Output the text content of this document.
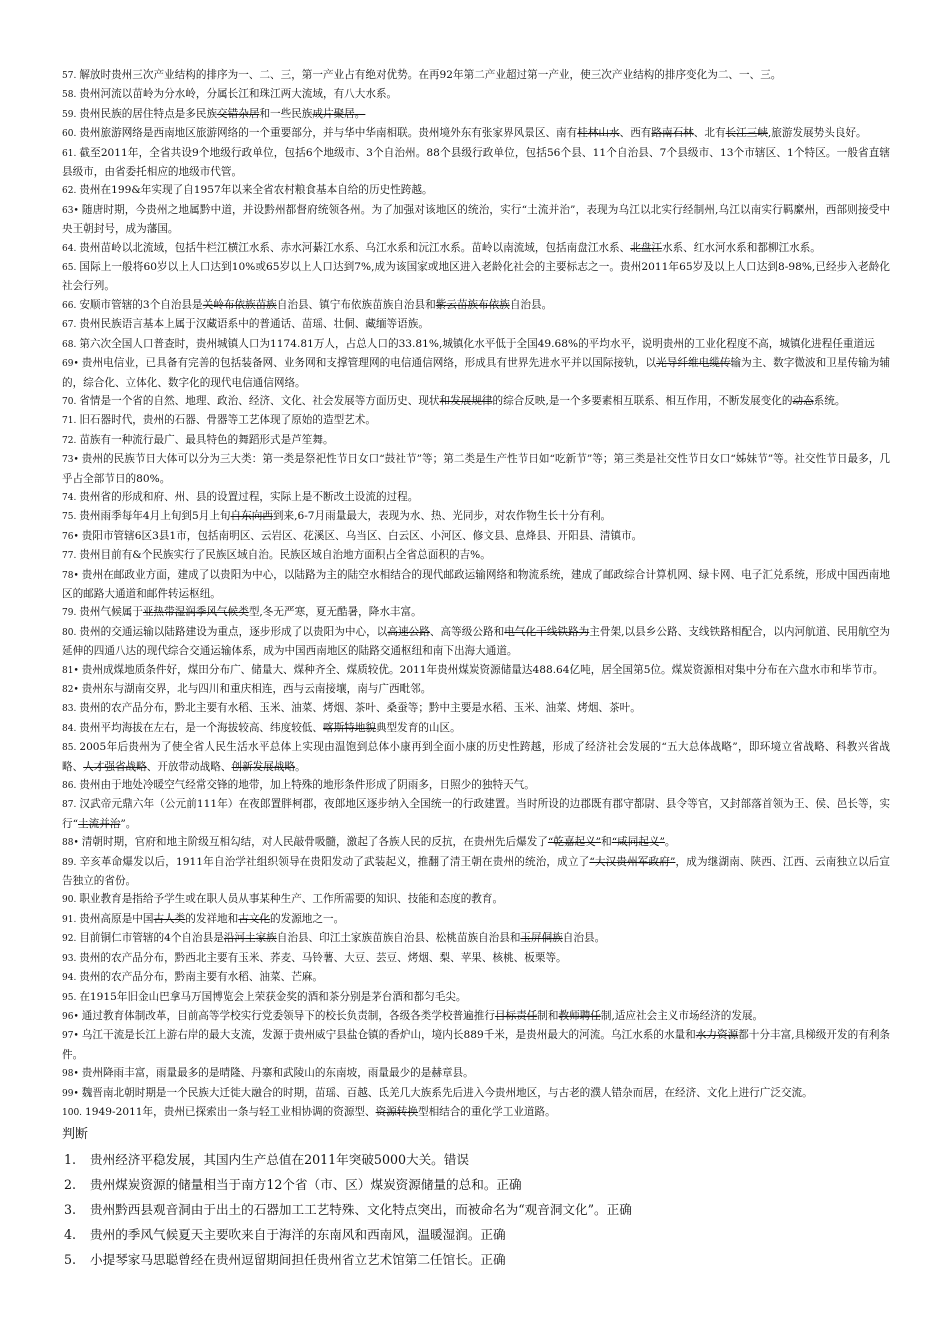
57. 解放时贵州三次产业结构的排序为一、二、三，第一产业占有绝对优势。在再92年第二产业超过第一产业，使三次产业结构的排序变化为二、一、三。

58. 贵州河流以苗岭为分水岭，分属长江和珠江两大流域，有八大水系。

59. 贵州民族的居住特点是多民族交错杂居和一些民族成片聚居。

60. 贵州旅游网络是西南地区旅游网络的一个重要部分，并与华中华南相联。贵州境外东有张家界风景区、南有桂林山水、西有路南石林、北有长江三峡,旅游发展势头良好。

61. 截至2011年，全省共设9个地级行政单位，包括6个地级市、3个自治州。88个县级行政单位，包括56个县、11个自治县、7个县级市、13个市辖区、1个特区。一般省直辖县级市，由省委托相应的地级市代管。

62. 贵州在199&年实现了自1957年以来全省农村粮食基本自给的历史性跨越。

63• 随唐时期，今贵州之地属黔中道，并设黔州都督府统领各州。为了加强对该地区的统治，实行“土流并治”，表现为乌江以北实行经制州,乌江以南实行羁縻州，西部则接受中央王朝封号，成为藩国。

64. 贵州苗岭以北流域，包括牛栏江横江水系、赤水河綦江水系、乌江水系和沅江水系。苗岭以南流域，包括南盘江水系、北盘江水系、红水河水系和都柳江水系。

65. 国际上一般将60岁以上人口达到10%或65岁以上人口达到7%,成为该国家或地区进入老龄化社会的主要标志之一。贵州2011年65岁及以上人口达到8-98%,已经步入老龄化社会行列。

66. 安顺市管辖的3个自治县是关岭布依族苗族自治县、镇宁布依族苗族自治县和紫云苗族布依族自治县。

67. 贵州民族语言基本上属于汉藏语系中的普通话、苗瑶、壮侗、藏缅等语族。

68. 第六次全国人口普查时，贵州城镇人口为1174.81万人，占总人口的33.81%,城镇化水平低于全国49.68%的平均水平，说明贵州的工业化程度不高，城镇化进程任重道远

69• 贵州电信业，已具备有完善的包括装备网、业务网和支撑管理网的电信通信网络，形成具有世界先进水平并以国际接轨，以光导纤维电缆传输为主、数字微波和卫星传输为辅的，综合化、立体化、数字化的现代电信通信网络。

70. 省情是一个省的自然、地理、政治、经济、文化、社会发展等方面历史、现状和发展规律的综合反映,是一个多要素相互联系、相互作用，不断发展变化的动态系统。

71. 旧石器时代，贵州的石器、骨器等工艺体现了原始的造型艺术。

72. 苗族有一种流行最广、最具特色的舞蹈形式是芦笙舞。

73• 贵州的民族节日大体可以分为三大类：第一类是祭祀性节日女口“鼓社节”等；第二类是生产性节日如“吃新节”等；第三类是社交性节日女口“姊妹节”等。社交性节日最多，几乎占全部节日的80%。

74. 贵州省的形成和府、州、县的设置过程，实际上是不断改土设流的过程。

75. 贵州雨季每年4月上旬到5月上旬自东向西到来,6-7月雨量最大，表现为水、热、光同步，对农作物生长十分有利。

76• 贵阳市管辖6区3县1市，包括南明区、云岩区、花溪区、乌当区、白云区、小河区、修文县、息烽县、开阳县、清镇市。

77. 贵州目前有&个民族实行了民族区域自治。民族区域自治地方面积占全省总面积的吉%。

78• 贵州在邮政业方面，建成了以贵阳为中心，以陆路为主的陆空水相结合的现代邮政运输网络和物流系统，建成了邮政综合计算机网、绿卡网、电子汇兑系统，形成中国西南地区的邮路大通道和邮件转运枢纽。

79. 贵州气候属于亚热带湿润季风气候类型,冬无严寒，夏无酷暑，降水丰富。

80. 贵州的交通运输以陆路建设为重点，逐步形成了以贵阳为中心，以高速公路、高等级公路和电气化干线铁路为主骨架,以县乡公路、支线铁路相配合，以内河航道、民用航空为延伸的四通八达的现代综合交通运输体系，成为中国西南地区的陆路交通枢纽和南下出海大通道。

81• 贵州成煤地质条件好，煤田分布广、储量大、煤种齐全、煤质较优。2011年贵州煤炭资源储量达488.64亿吨，居全国第5位。煤炭资源相对集中分布在六盘水市和毕节市。

82• 贵州东与湖南交界，北与四川和重庆相连，西与云南接壤，南与广西毗邻。

83. 贵州的农产品分布，黔北主要有水稻、玉米、油菜、烤烟、茶叶、桑蚕等；黔中主要是水稻、玉米、油菜、烤烟、茶叶。

84. 贵州平均海拔在左右，是一个海拔较高、纬度较低、喀斯特地貌典型发育的山区。

85. 2005年后贵州为了使全省人民生活水平总体上实现由温饱到总体小康再到全面小康的历史性跨越，形成了经济社会发展的“五大总体战略”，即环境立省战略、科教兴省战略、人才强省战略、开放带动战略、创新发展战略。

86. 贵州由于地处冷暖空气经常交锋的地带，加上特殊的地形条件形成了阴雨多，日照少的独特天气。

87. 汉武帝元鼎六年（公元前111年）在夜郎置胖柯郡，夜郎地区逐步纳入全国统一的行政建置。当时所设的边郡既有郡守都尉、县令等官，又封部落首领为王、侯、邑长等，实行“土流并治”。

88• 清朝时期，官府和地主阶级互相勾结，对人民敲骨吸髓，激起了各族人民的反抗，在贵州先后爆发了“乾嘉起义”和“咸同起义”。

89. 辛亥革命爆发以后，1911年自治学社组织领导在贵阳发动了武装起义，推翻了清王朝在贵州的统治，成立了“大汉贵州军政府”，成为继湖南、陕西、江西、云南独立以后宣告独立的省份。

90. 职业教育是指给予学生或在职人员从事某种生产、工作所需要的知识、技能和态度的教育。

91. 贵州高原是中国古人类的发祥地和古文化的发源地之一。

92. 目前铜仁市管辖的4个自治县是沿河土家族自治县、印江土家族苗族自治县、松桃苗族自治县和玉屏侗族自治县。

93. 贵州的农产品分布，黔西北主要有玉米、荞麦、马铃薯、大豆、芸豆、烤烟、梨、苹果、核桃、板栗等。

94. 贵州的农产品分布，黔南主要有水稻、油菜、芒麻。

95. 在1915年旧金山巴拿马万国博览会上荣获金奖的酒和茶分别是茅台酒和都匀毛尖。

96• 通过教育体制改革，目前高等学校实行党委领导下的校长负责制，各级各类学校普遍推行目标责任制和教师聘任制,适应社会主义市场经济的发展。

97• 乌江干流是长江上游右岸的最大支流，发源于贵州威宁县盐仓镇的香炉山，境内长889千米，是贵州最大的河流。乌江水系的水量和水力资源都十分丰富,具梯级开发的有利条件。

98• 贵州降雨丰富，雨量最多的是晴隆、丹寨和武陵山的东南坡，雨量最少的是赫章县。

99• 魏晋南北朝时期是一个民族大迁徙大融合的时期，苗瑶、百越、氐羌几大族系先后进入今贵州地区，与古老的濮人错杂而居，在经济、文化上进行广泛交流。

100. 1949-2011年，贵州已探索出一条与轻工业相协调的资源型、资源转换型相结合的重化学工业道路。

判断

1. 贵州经济平稳发展，其国内生产总值在2011年突破5000大关。错误

2. 贵州煤炭资源的储量相当于南方12个省（市、区）煤炭资源储量的总和。正确

3. 贵州黔西县观音洞由于出土的石器加工工艺特殊、文化特点突出，而被命名为“观音洞文化”。正确

4. 贵州的季风气候夏天主要吹来自于海洋的东南风和西南风，温暖湿润。正确

5. 小提琴家马思聪曾经在贵州逗留期间担任贵州省立艺术馆第二任馆长。正确
